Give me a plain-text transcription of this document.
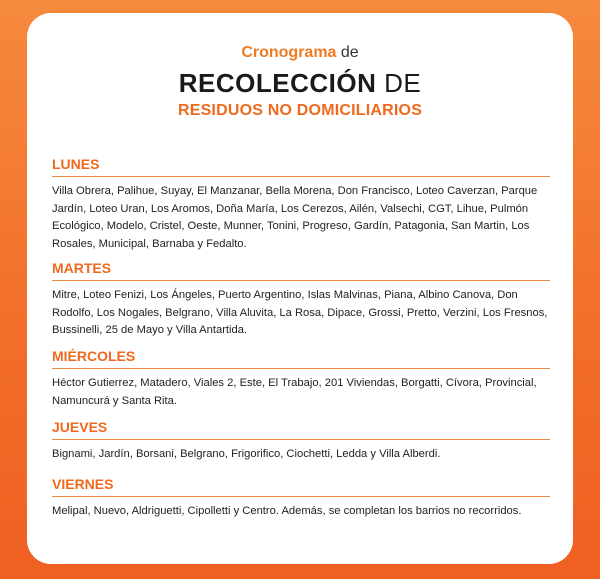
Cronograma de
RECOLECCIÓN DE
RESIDUOS NO DOMICILIARIOS
LUNES
Villa Obrera, Palihue, Suyay, El Manzanar, Bella Morena, Don Francisco, Loteo Caverzan, Parque Jardín, Loteo Uran, Los Aromos, Doña María, Los Cerezos, Ailén, Valsechi, CGT, Lihue, Pulmón Ecológico, Modelo, Cristel, Oeste, Munner, Tonini, Progreso, Gardín, Patagonia, San Martin, Los Rosales, Municipal, Barnaba y Fedalto.
MARTES
Mitre, Loteo Fenizi, Los Ángeles, Puerto Argentino, Islas Malvinas, Piana, Albino Canova, Don Rodolfo, Los Nogales, Belgrano, Villa Aluvita, La Rosa, Dipace, Grossi, Pretto, Verzini, Los Fresnos, Bussinelli, 25 de Mayo y Villa Antartida.
MIÉRCOLES
Héctor Gutierrez, Matadero, Viales 2, Este, El Trabajo, 201 Viviendas, Borgatti, Cívora, Provincial, Namuncurá y Santa Rita.
JUEVES
Bignami, Jardín, Borsani, Belgrano, Frigorifico, Ciochetti, Ledda y Villa Alberdi.
VIERNES
Melipal, Nuevo, Aldriguetti, Cipolletti y Centro. Además, se completan los barrios no recorridos.
